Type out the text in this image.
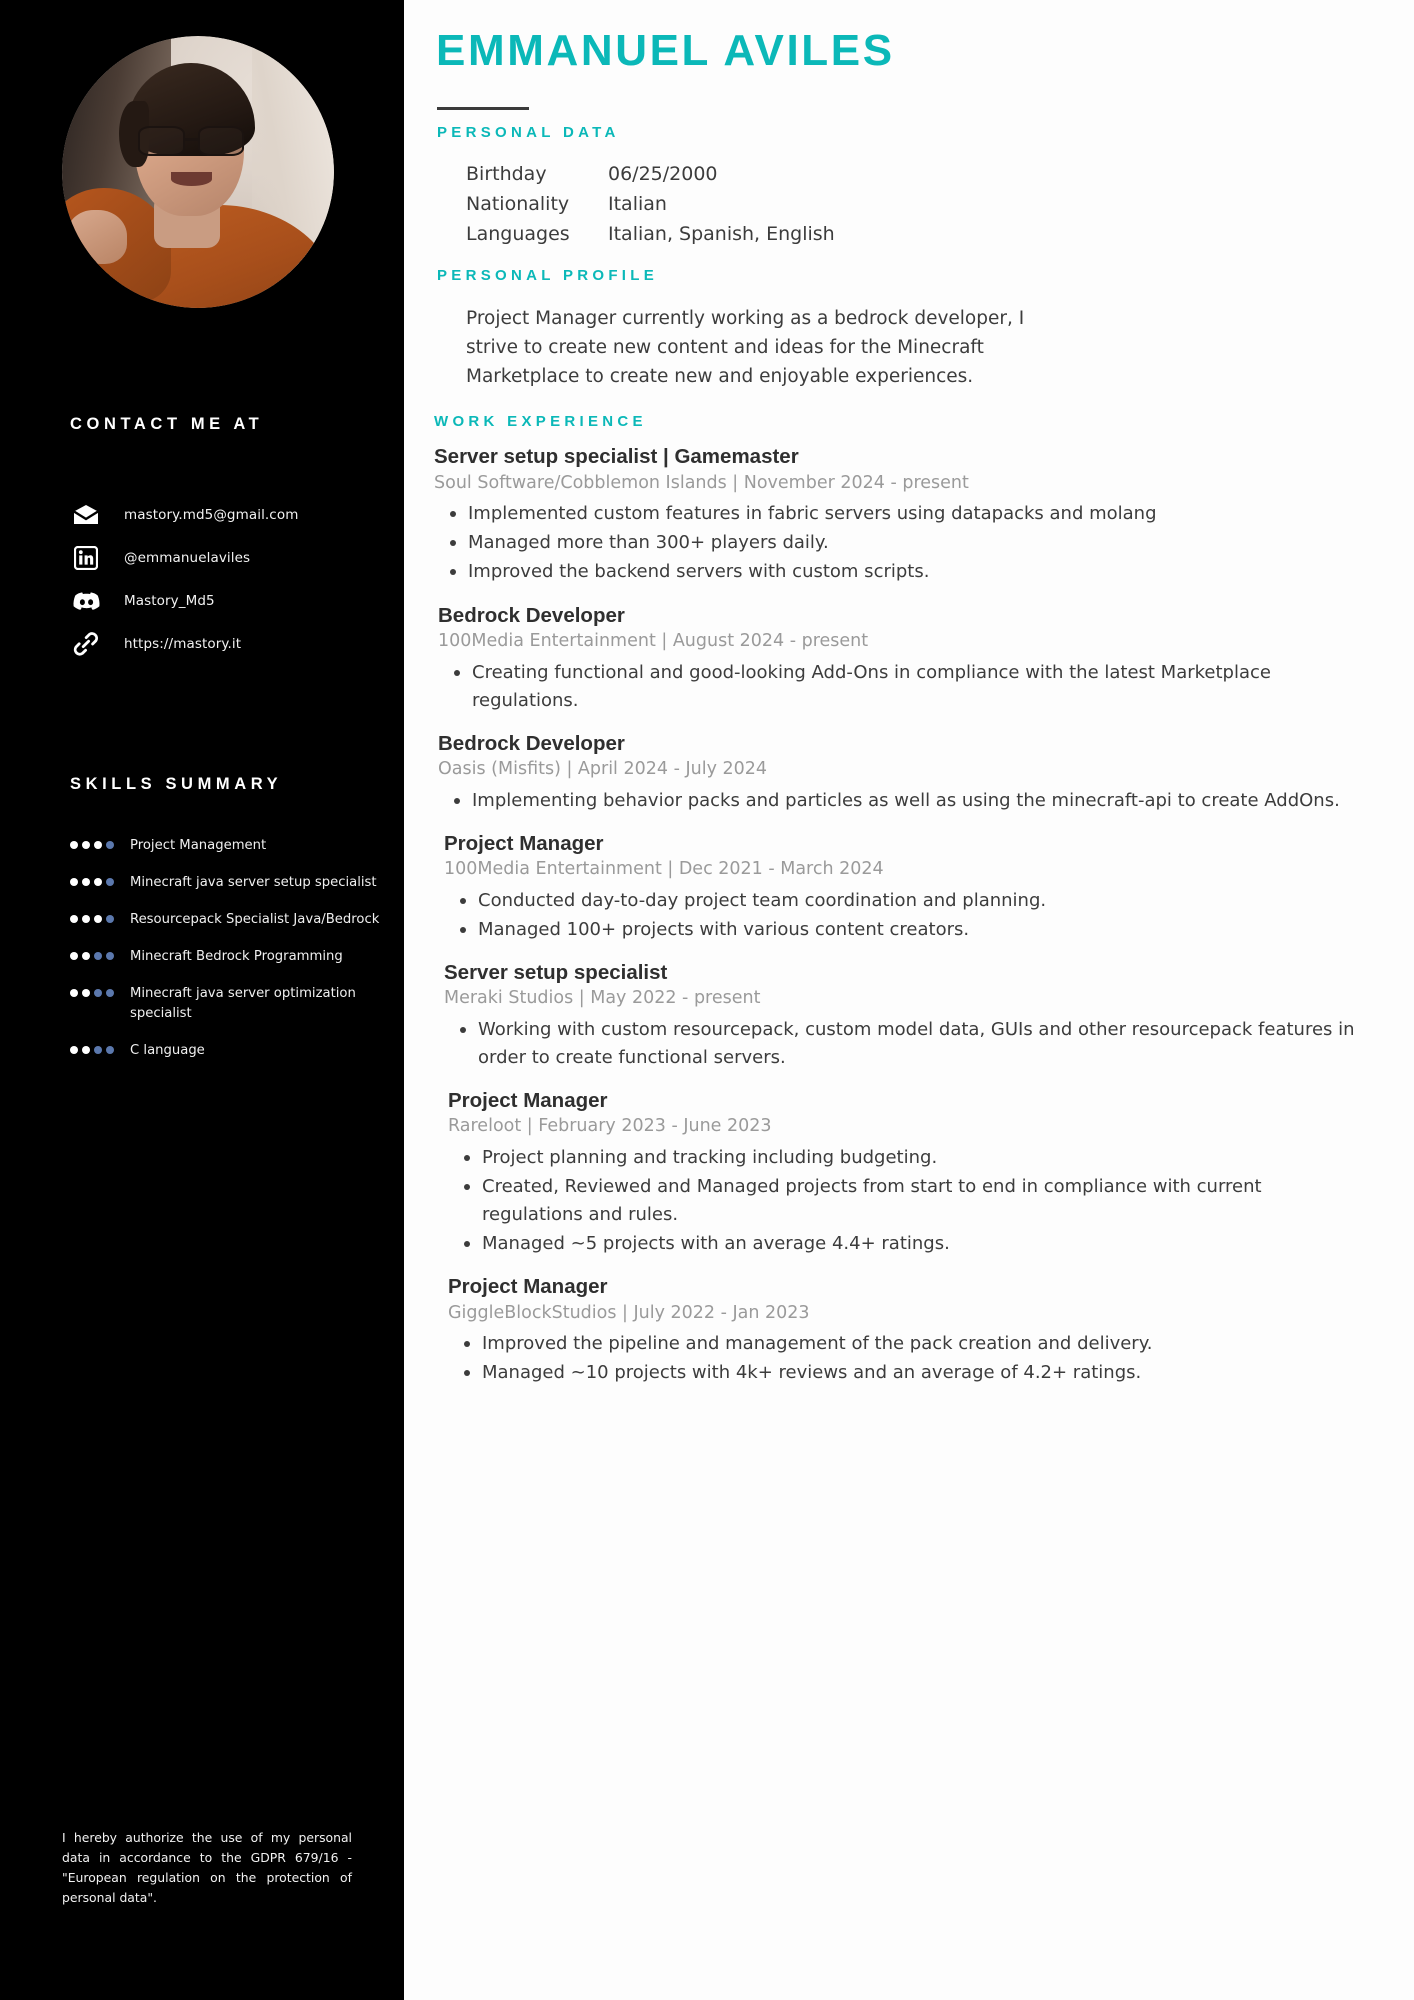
CONTACT ME AT
mastory.md5@gmail.com
@emmanuelaviles
Mastory_Md5
https://mastory.it
SKILLS SUMMARY
Project Management
Minecraft java server setup specialist
Resourcepack Specialist Java/Bedrock
Minecraft Bedrock Programming
Minecraft java server optimization specialist
C language
I hereby authorize the use of my personal data in accordance to the GDPR 679/16 - "European regulation on the protection of personal data".
EMMANUEL AVILES
PERSONAL DATA
Birthday	06/25/2000
Nationality	Italian
Languages	Italian, Spanish, English
PERSONAL PROFILE

Project Manager currently working as a bedrock developer, I strive to create new content and ideas for the Minecraft Marketplace to create new and enjoyable experiences.

WORK EXPERIENCE
Server setup specialist | Gamemaster
Soul Software/Cobblemon Islands | November 2024 - present
Implemented custom features in fabric servers using datapacks and molang
Managed more than 300+ players daily.
Improved the backend servers with custom scripts.
Bedrock Developer
100Media Entertainment | August 2024 - present
Creating functional and good-looking Add-Ons in compliance with the latest Marketplace regulations.
Bedrock Developer
Oasis (Misfits) | April 2024 - July 2024
Implementing behavior packs and particles as well as using the minecraft-api to create AddOns.
Project Manager
100Media Entertainment | Dec 2021 - March 2024
Conducted day-to-day project team coordination and planning.
Managed 100+ projects with various content creators.
Server setup specialist
Meraki Studios | May 2022 - present
Working with custom resourcepack, custom model data, GUIs and other resourcepack features in order to create functional servers.
Project Manager
Rareloot | February 2023 - June 2023
Project planning and tracking including budgeting.
Created, Reviewed and Managed projects from start to end in compliance with current regulations and rules.
Managed ~5 projects with an average 4.4+ ratings.
Project Manager
GiggleBlockStudios | July 2022 - Jan 2023
Improved the pipeline and management of the pack creation and delivery.
Managed ~10 projects with 4k+ reviews and an average of 4.2+ ratings.
